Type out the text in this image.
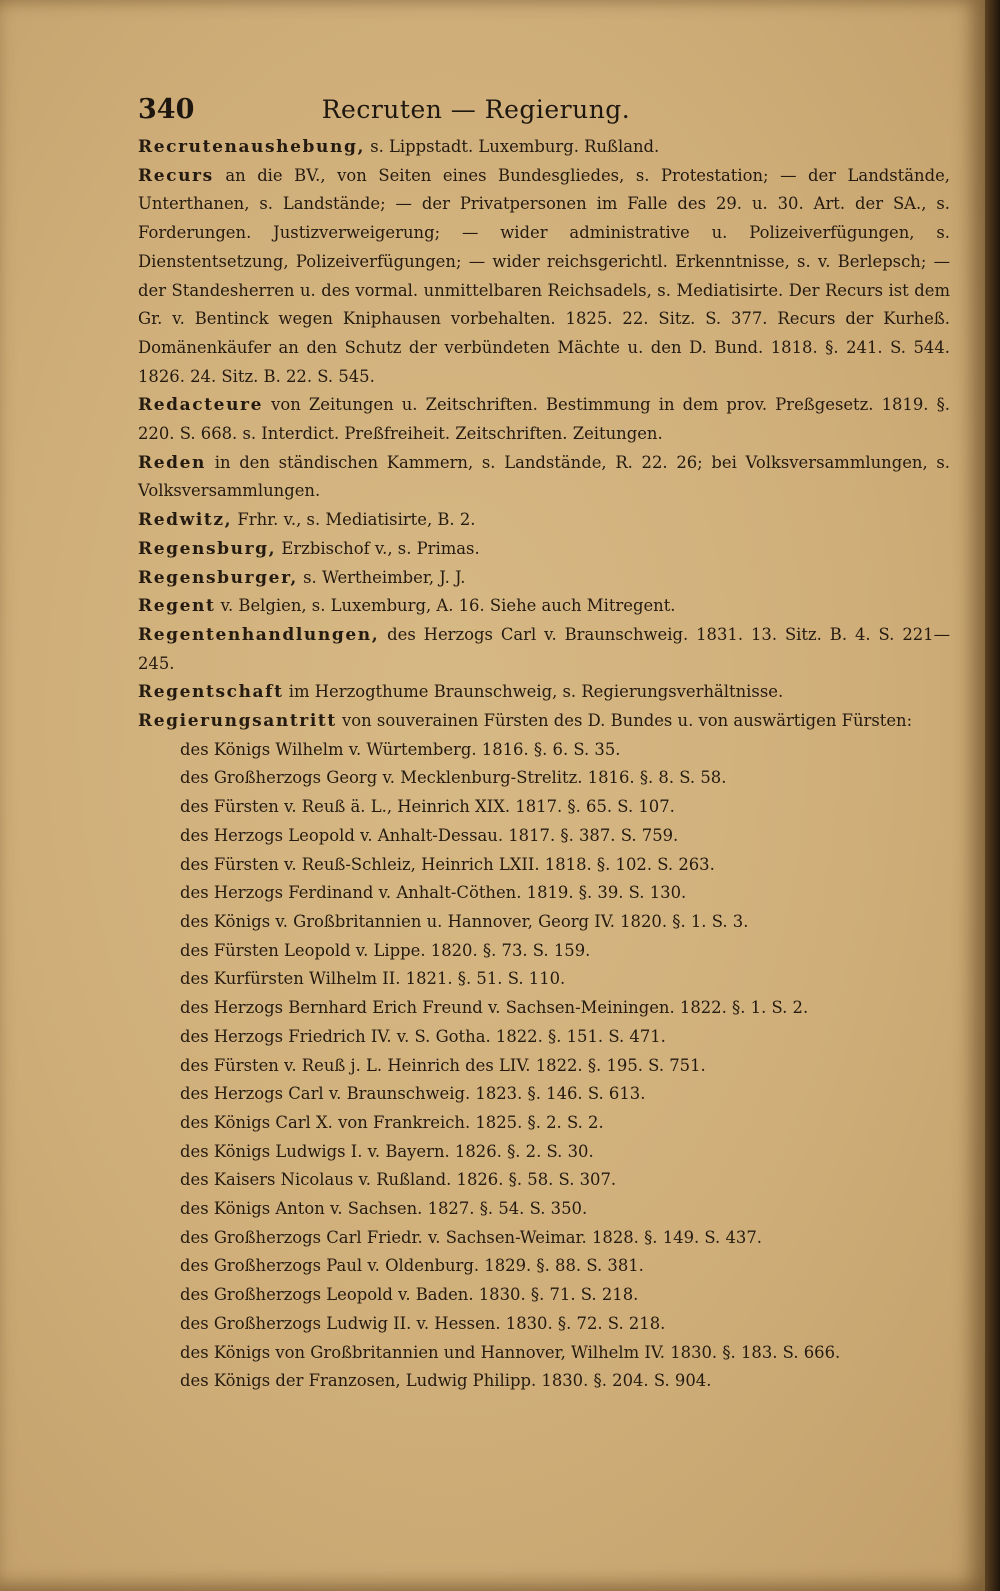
340	Recruten — Regierung.
Recrutenaushebung, s. Lippstadt. Luxemburg. Rußland.
Recurs an die BV., von Seiten eines Bundesgliedes, s. Protestation; — der Landstände, Unterthanen, s. Landstände; — der Privatpersonen im Falle des 29. u. 30. Art. der SA., s. Forderungen. Justizverweigerung; — wider administrative u. Polizeiverfügungen, s. Dienstentsetzung, Polizeiverfügungen; — wider reichsgerichtl. Erkenntnisse, s. v. Berlepsch; — der Standesherren u. des vormal. unmittelbaren Reichsadels, s. Mediatisirte. Der Recurs ist dem Gr. v. Bentinck wegen Kniphausen vorbehalten. 1825. 22. Sitz. S. 377. Recurs der Kurheß. Domänenkäufer an den Schutz der verbündeten Mächte u. den D. Bund. 1818. §. 241. S. 544. 1826. 24. Sitz. B. 22. S. 545.
Redacteure von Zeitungen u. Zeitschriften. Bestimmung in dem prov. Preßgesetz. 1819. §. 220. S. 668. s. Interdict. Preßfreiheit. Zeitschriften. Zeitungen.
Reden in den ständischen Kammern, s. Landstände, R. 22. 26; bei Volksversammlungen, s. Volksversammlungen.
Redwitz, Frhr. v., s. Mediatisirte, B. 2.
Regensburg, Erzbischof v., s. Primas.
Regensburger, s. Wertheimber, J. J.
Regent v. Belgien, s. Luxemburg, A. 16. Siehe auch Mitregent.
Regentenhandlungen, des Herzogs Carl v. Braunschweig. 1831. 13. Sitz. B. 4. S. 221—245.
Regentschaft im Herzogthume Braunschweig, s. Regierungsverhältnisse.
Regierungsantritt von souverainen Fürsten des D. Bundes u. von auswärtigen Fürsten:
des Königs Wilhelm v. Würtemberg. 1816. §. 6. S. 35.
des Großherzogs Georg v. Mecklenburg-Strelitz. 1816. §. 8. S. 58.
des Fürsten v. Reuß ä. L., Heinrich XIX. 1817. §. 65. S. 107.
des Herzogs Leopold v. Anhalt-Dessau. 1817. §. 387. S. 759.
des Fürsten v. Reuß-Schleiz, Heinrich LXII. 1818. §. 102. S. 263.
des Herzogs Ferdinand v. Anhalt-Cöthen. 1819. §. 39. S. 130.
des Königs v. Großbritannien u. Hannover, Georg IV. 1820. §. 1. S. 3.
des Fürsten Leopold v. Lippe. 1820. §. 73. S. 159.
des Kurfürsten Wilhelm II. 1821. §. 51. S. 110.
des Herzogs Bernhard Erich Freund v. Sachsen-Meiningen. 1822. §. 1. S. 2.
des Herzogs Friedrich IV. v. S. Gotha. 1822. §. 151. S. 471.
des Fürsten v. Reuß j. L. Heinrich des LIV. 1822. §. 195. S. 751.
des Herzogs Carl v. Braunschweig. 1823. §. 146. S. 613.
des Königs Carl X. von Frankreich. 1825. §. 2. S. 2.
des Königs Ludwigs I. v. Bayern. 1826. §. 2. S. 30.
des Kaisers Nicolaus v. Rußland. 1826. §. 58. S. 307.
des Königs Anton v. Sachsen. 1827. §. 54. S. 350.
des Großherzogs Carl Friedr. v. Sachsen-Weimar. 1828. §. 149. S. 437.
des Großherzogs Paul v. Oldenburg. 1829. §. 88. S. 381.
des Großherzogs Leopold v. Baden. 1830. §. 71. S. 218.
des Großherzogs Ludwig II. v. Hessen. 1830. §. 72. S. 218.
des Königs von Großbritannien und Hannover, Wilhelm IV. 1830. §. 183. S. 666.
des Königs der Franzosen, Ludwig Philipp. 1830. §. 204. S. 904.
